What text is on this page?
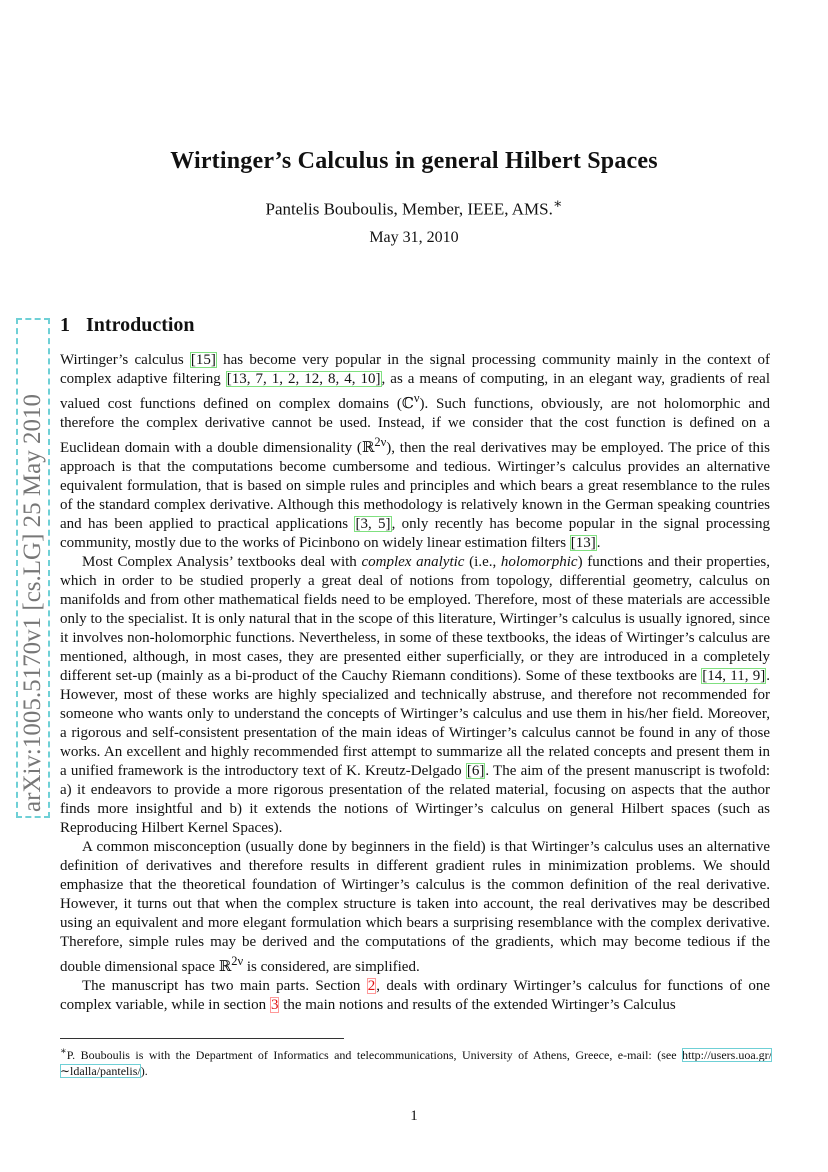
arXiv:1005.5170v1 [cs.LG] 25 May 2010
Wirtinger’s Calculus in general Hilbert Spaces
Pantelis Bouboulis, Member, IEEE, AMS.∗
May 31, 2010
1 Introduction

Wirtinger’s calculus [15] has become very popular in the signal processing community mainly in the context of complex adaptive filtering [13, 7, 1, 2, 12, 8, 4, 10], as a means of computing, in an elegant way, gradients of real valued cost functions defined on complex domains (ℂ$^\nu$). Such functions, obviously, are not holomorphic and therefore the complex derivative cannot be used. Instead, if we consider that the cost function is defined on a Euclidean domain with a double dimensionality (ℝ$^{2\nu}$), then the real derivatives may be employed. The price of this approach is that the computations become cumbersome and tedious. Wirtinger’s calculus provides an alternative equivalent formulation, that is based on simple rules and principles and which bears a great resemblance to the rules of the standard complex derivative. Although this methodology is relatively known in the German speaking countries and has been applied to practical applications [3, 5], only recently has become popular in the signal processing community, mostly due to the works of Picinbono on widely linear estimation filters [13].

Most Complex Analysis’ textbooks deal with complex analytic (i.e., holomorphic) functions and their properties, which in order to be studied properly a great deal of notions from topology, differential geometry, calculus on manifolds and from other mathematical fields need to be employed. Therefore, most of these materials are accessible only to the specialist. It is only natural that in the scope of this literature, Wirtinger’s calculus is usually ignored, since it involves non-holomorphic functions. Nevertheless, in some of these textbooks, the ideas of Wirtinger’s calculus are mentioned, although, in most cases, they are presented either superficially, or they are introduced in a completely different set-up (mainly as a bi-product of the Cauchy Riemann conditions). Some of these textbooks are [14, 11, 9]. However, most of these works are highly specialized and technically abstruse, and therefore not recommended for someone who wants only to understand the concepts of Wirtinger’s calculus and use them in his/her field. Moreover, a rigorous and self-consistent presentation of the main ideas of Wirtinger’s calculus cannot be found in any of those works. An excellent and highly recommended first attempt to summarize all the related concepts and present them in a unified framework is the introductory text of K. Kreutz-Delgado [6]. The aim of the present manuscript is twofold: a) it endeavors to provide a more rigorous presentation of the related material, focusing on aspects that the author finds more insightful and b) it extends the notions of Wirtinger’s calculus on general Hilbert spaces (such as Reproducing Hilbert Kernel Spaces).

A common misconception (usually done by beginners in the field) is that Wirtinger’s calculus uses an alternative definition of derivatives and therefore results in different gradient rules in minimization problems. We should emphasize that the theoretical foundation of Wirtinger’s calculus is the common definition of the real derivative. However, it turns out that when the complex structure is taken into account, the real derivatives may be described using an equivalent and more elegant formulation which bears a surprising resemblance with the complex derivative. Therefore, simple rules may be derived and the computations of the gradients, which may become tedious if the double dimensional space ℝ$^{2\nu}$ is considered, are simplified.

The manuscript has two main parts. Section 2, deals with ordinary Wirtinger’s calculus for functions of one complex variable, while in section 3 the main notions and results of the extended Wirtinger’s Calculus

∗P. Bouboulis is with the Department of Informatics and telecommunications, University of Athens, Greece, e-mail: (see http://users.uoa.gr/∼ldalla/pantelis/).
1
